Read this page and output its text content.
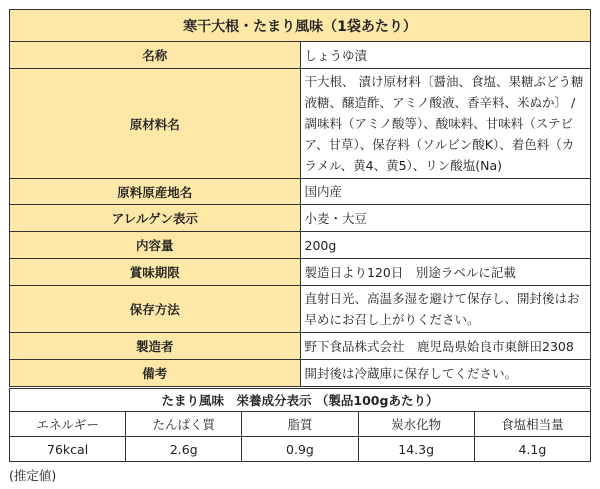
寒干大根・たまり風味（1袋あたり）	
名称	しょうゆ漬
原材料名	干大根、 漬け原材料〔醤油、食塩、果糖ぶどう糖液糖、醸造酢、アミノ酸液、香辛料、米ぬか〕 / 調味料（アミノ酸等）、酸味料、甘味料（ステビア、甘草）、保存料（ソルビン酸K）、着色料（カラメル、黄4、黄5）、リン酸塩(Na)
原料原産地名	国内産
アレルゲン表示	小麦・大豆
内容量	200g
賞味期限	製造日より120日　別途ラベルに記載
保存方法	直射日光、高温多湿を避けて保存し、開封後はお早めにお召し上がりください。
製造者	野下食品株式会社　鹿児島県姶良市東餅田2308
備考	開封後は冷蔵庫に保存してください。
たまり風味　栄養成分表示 （製品100gあたり）				
エネルギー	たんぱく質	脂質	炭水化物	食塩相当量
76kcal	2.6g	0.9g	14.3g	4.1g
(推定値)
